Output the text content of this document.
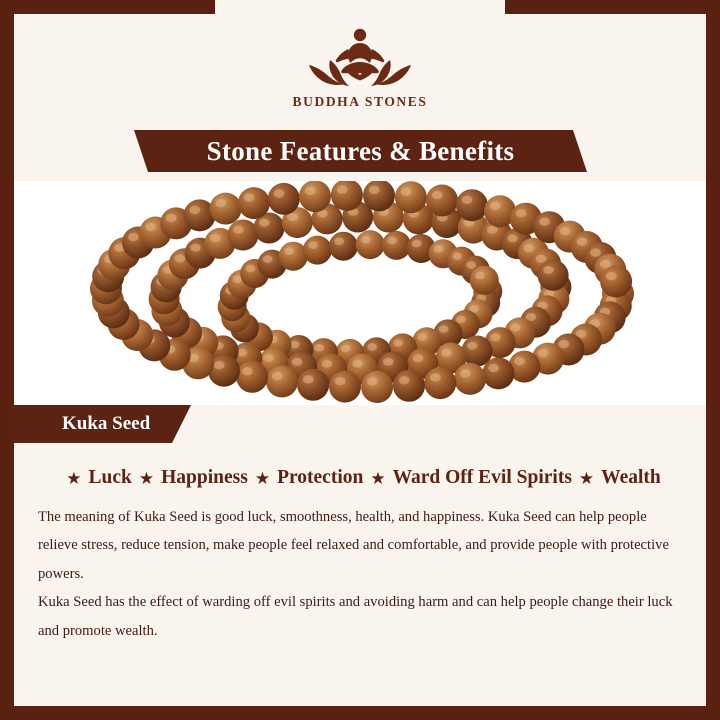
BUDDHA STONES
Stone Features & Benefits
Kuka Seed
★ Luck ★ Happiness ★ Protection ★ Ward Off Evil Spirits ★ Wealth

The meaning of Kuka Seed is good luck, smoothness, health, and happiness. Kuka Seed can help people relieve stress, reduce tension, make people feel relaxed and comfortable, and provide people with protective powers.

Kuka Seed has the effect of warding off evil spirits and avoiding harm and can help people change their luck and promote wealth.
